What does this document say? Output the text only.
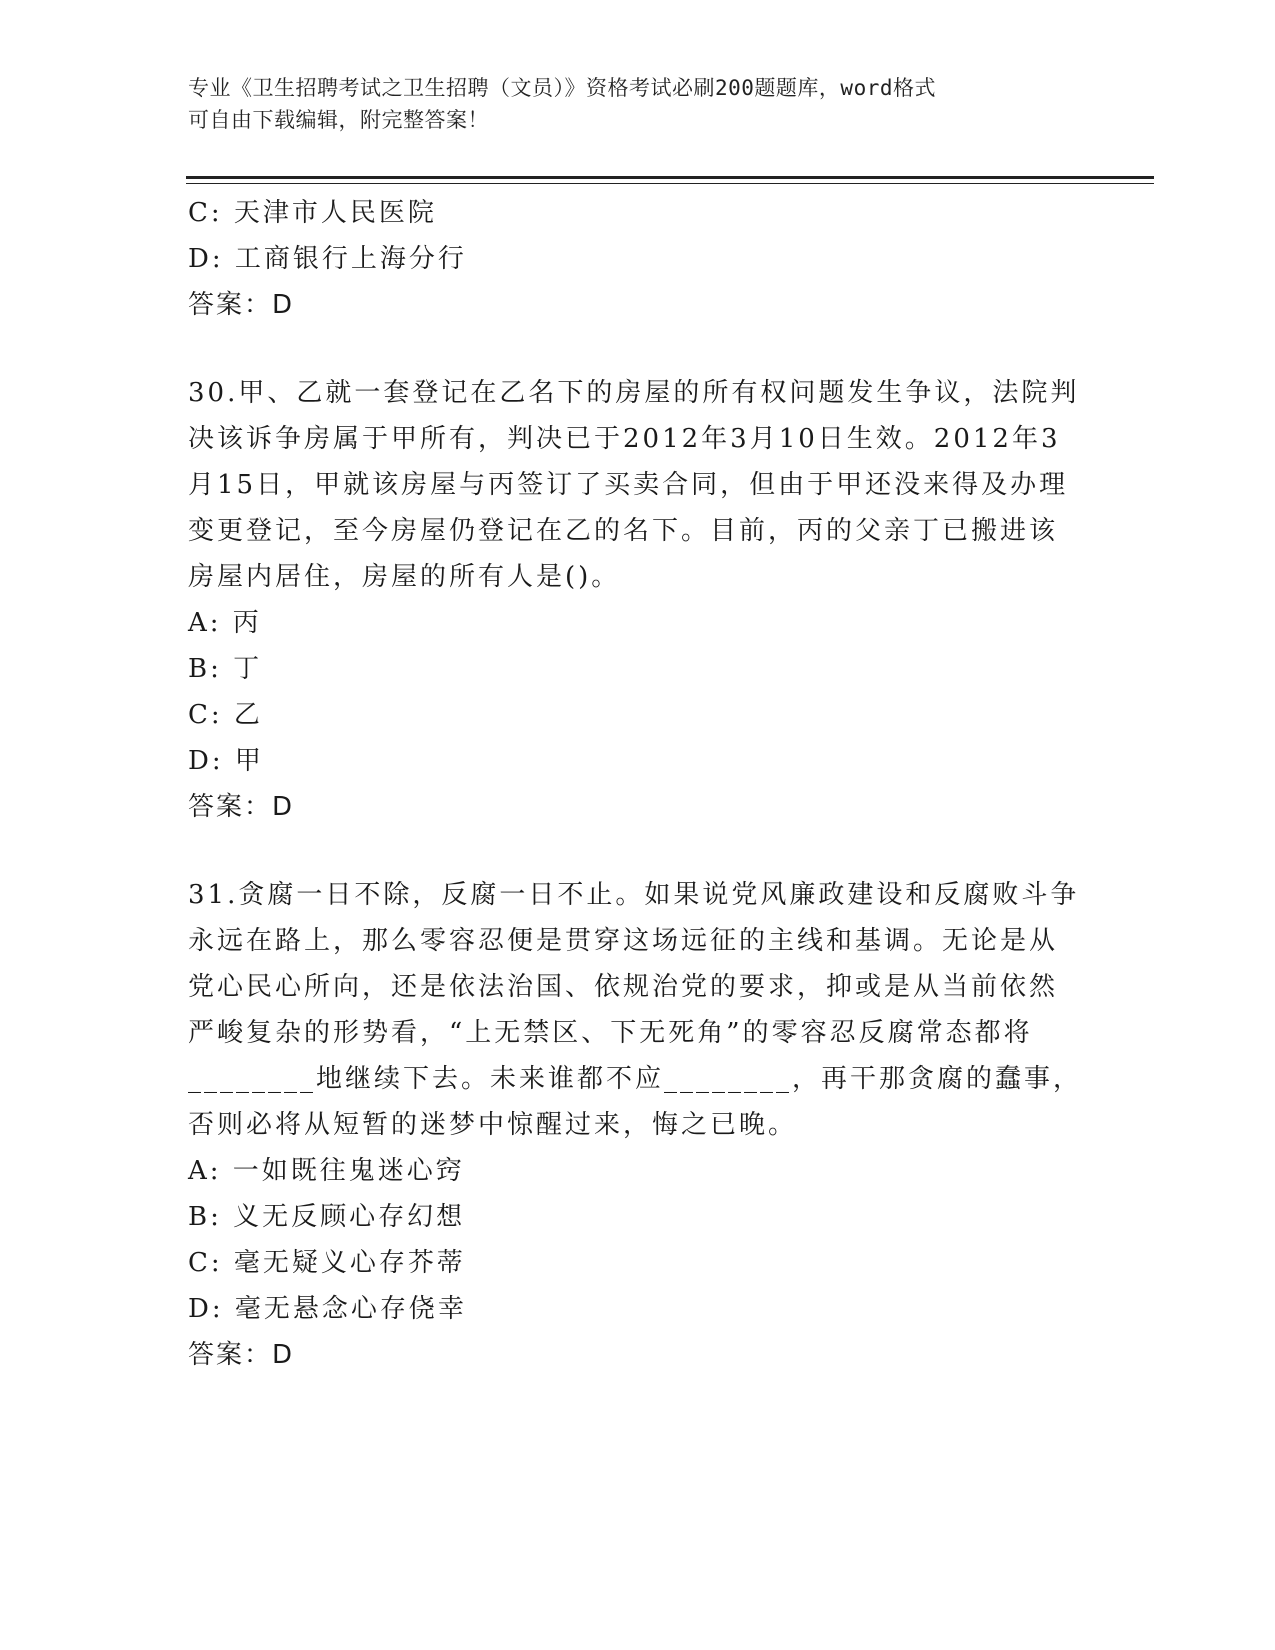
专业《卫生招聘考试之卫生招聘（文员）》资格考试必刷200题题库，word格式
可自由下载编辑，附完整答案！
C: 天津市人民医院
D: 工商银行上海分行
答案：D
30.甲、乙就一套登记在乙名下的房屋的所有权问题发生争议，法院判
决该诉争房属于甲所有，判决已于2012年3月10日生效。2012年3
月15日，甲就该房屋与丙签订了买卖合同，但由于甲还没来得及办理
变更登记，至今房屋仍登记在乙的名下。目前，丙的父亲丁已搬进该
房屋内居住，房屋的所有人是()。
A: 丙
B: 丁
C: 乙
D: 甲
答案：D
31.贪腐一日不除，反腐一日不止。如果说党风廉政建设和反腐败斗争
永远在路上，那么零容忍便是贯穿这场远征的主线和基调。无论是从
党心民心所向，还是依法治国、依规治党的要求，抑或是从当前依然
严峻复杂的形势看，“上无禁区、下无死角”的零容忍反腐常态都将
________地继续下去。未来谁都不应________，再干那贪腐的蠢事，
否则必将从短暂的迷梦中惊醒过来，悔之已晚。
A: 一如既往鬼迷心窍
B: 义无反顾心存幻想
C: 毫无疑义心存芥蒂
D: 毫无悬念心存侥幸
答案：D
